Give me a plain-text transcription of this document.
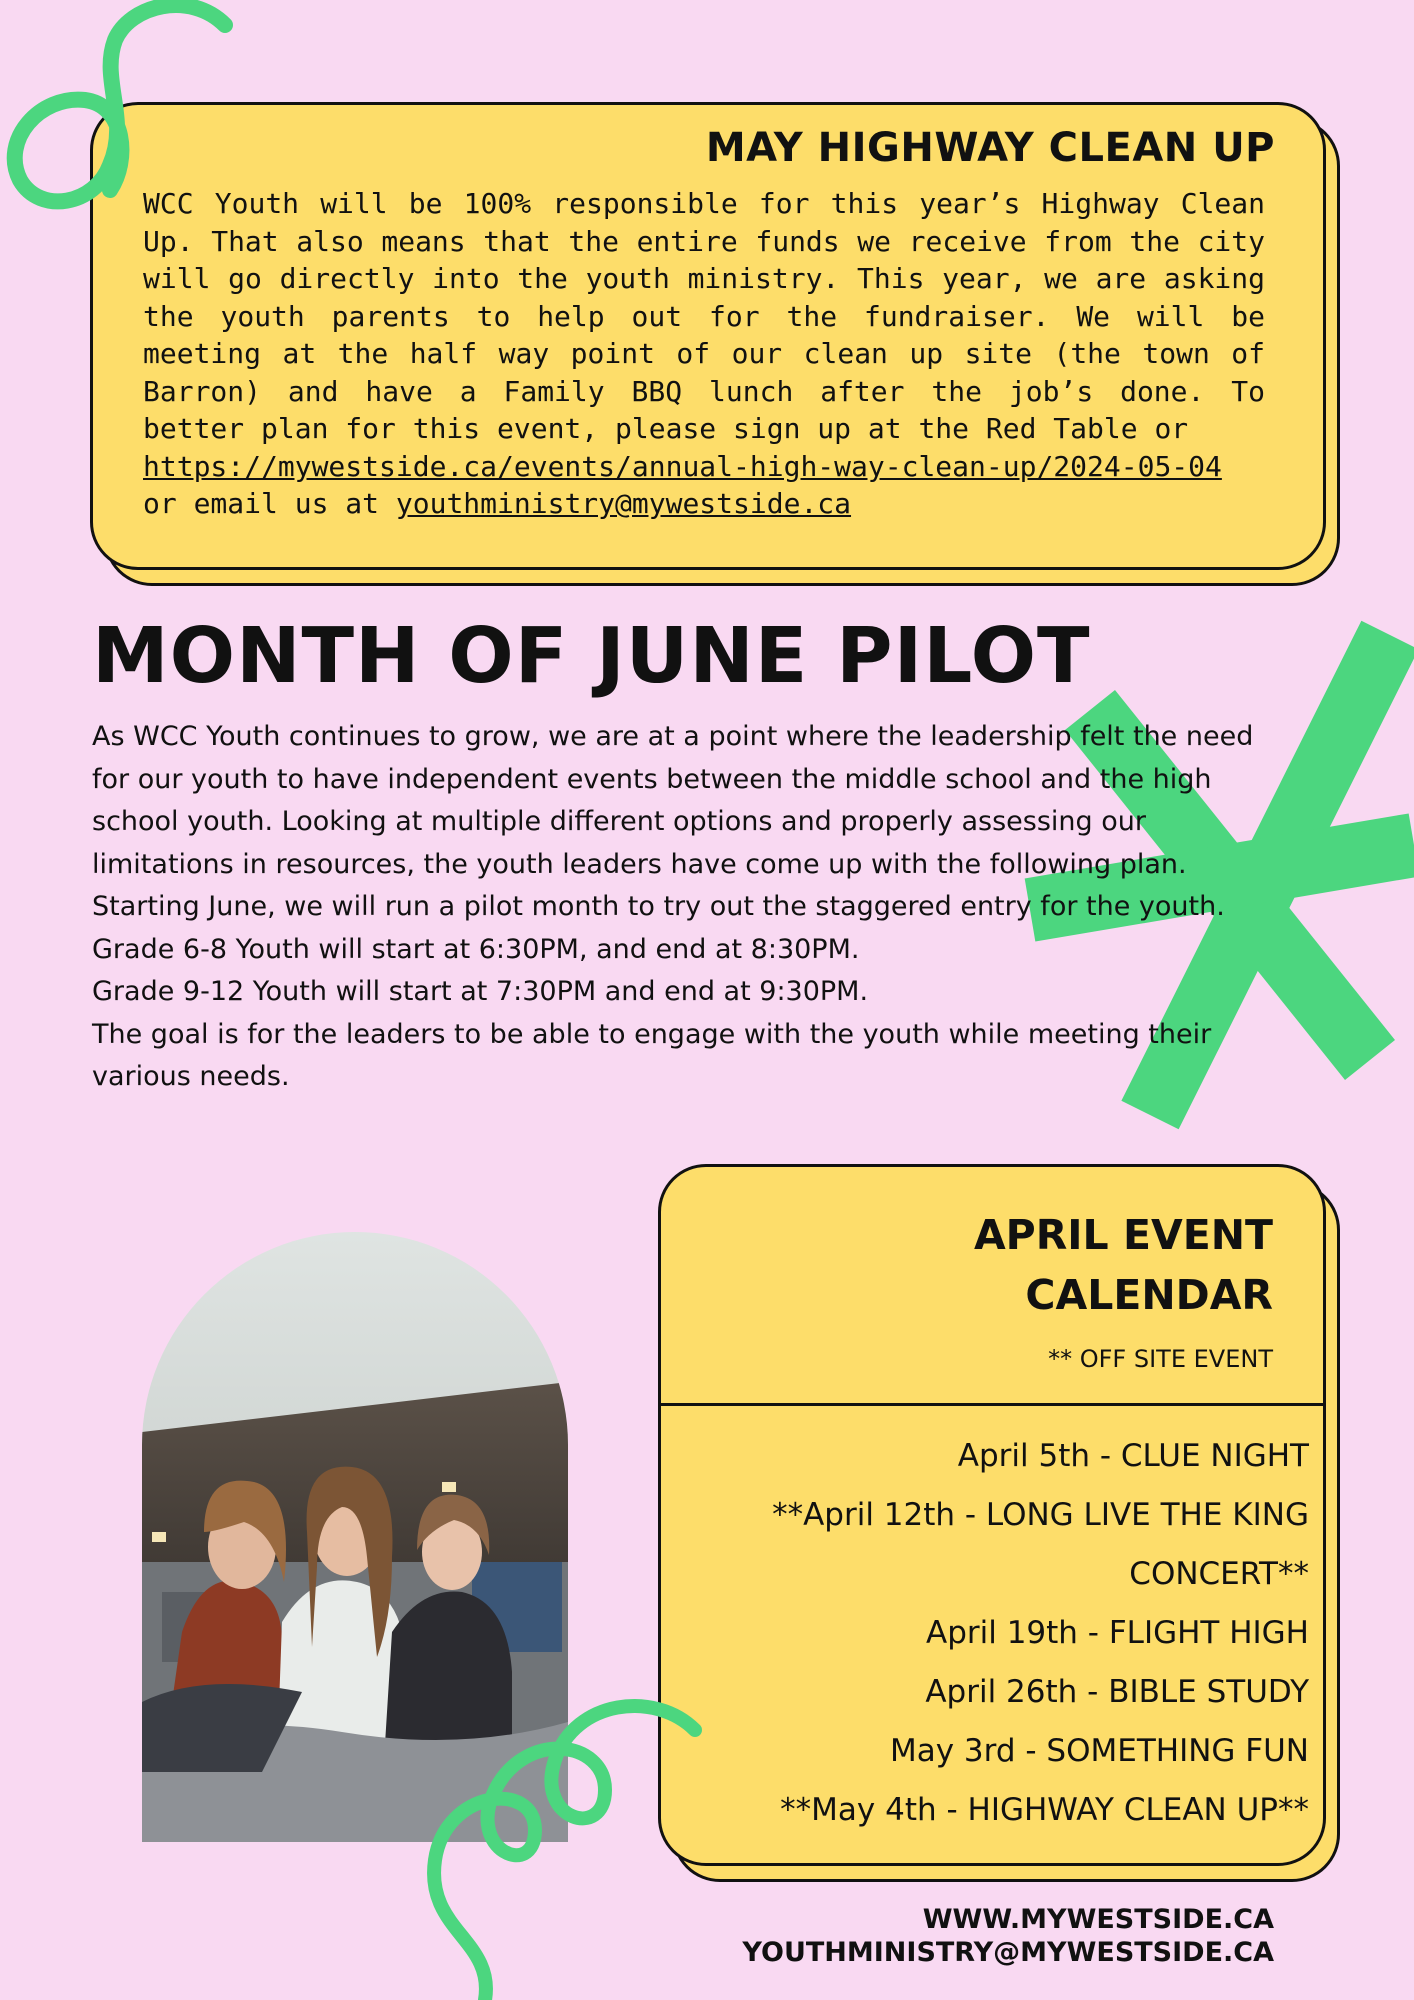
MAY HIGHWAY CLEAN UP
WCC Youth will be 100% responsible for this year’s Highway Clean Up. That also means that the entire funds we receive from the city will go directly into the youth ministry. This year, we are asking the youth parents to help out for the fundraiser. We will be meeting at the half way point of our clean up site (the town of Barron) and have a Family BBQ lunch after the job’s done. To better plan for this event, please sign up at the Red Table or
https://mywestside.ca/events/annual-high-way-clean-up/2024-05-04
or email us at youthministry@mywestside.ca
MONTH OF JUNE PILOT

As WCC Youth continues to grow, we are at a point where the leadership felt the need for our youth to have independent events between the middle school and the high school youth. Looking at multiple different options and properly assessing our limitations in resources, the youth leaders have come up with the following plan.

Starting June, we will run a pilot month to try out the staggered entry for the youth.

Grade 6-8 Youth will start at 6:30PM, and end at 8:30PM.

Grade 9-12 Youth will start at 7:30PM and end at 9:30PM.

The goal is for the leaders to be able to engage with the youth while meeting their various needs.

APRIL EVENT
CALENDAR
** OFF SITE EVENT
April 5th - CLUE NIGHT
**April 12th - LONG LIVE THE KING CONCERT**
April 19th - FLIGHT HIGH
April 26th - BIBLE STUDY
May 3rd - SOMETHING FUN
**May 4th - HIGHWAY CLEAN UP**
WWW.MYWESTSIDE.CA
YOUTHMINISTRY@MYWESTSIDE.CA
